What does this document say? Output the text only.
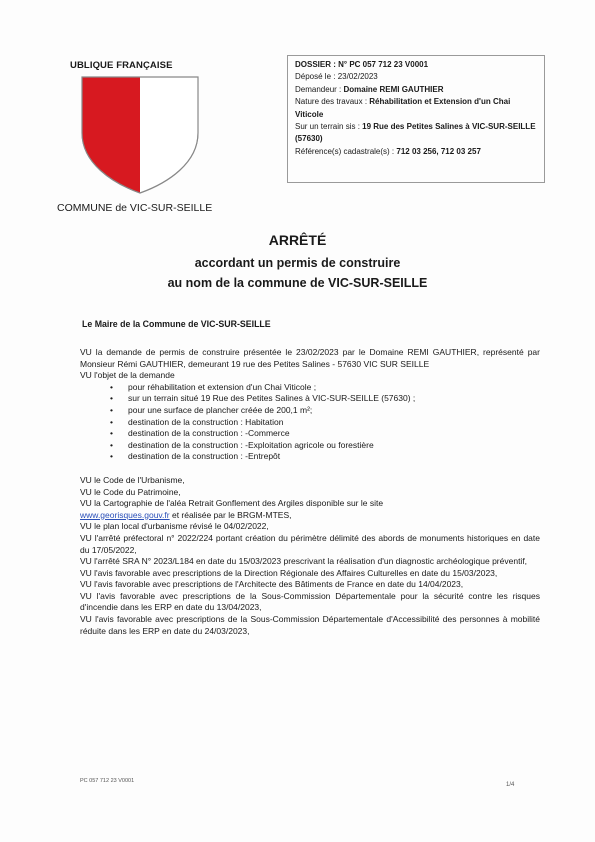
UBLIQUE FRANÇAISE
COMMUNE de VIC-SUR-SEILLE
DOSSIER : N° PC 057 712 23 V0001
Déposé le : 23/02/2023
Demandeur : Domaine REMI GAUTHIER
Nature des travaux : Réhabilitation et Extension d'un Chai Viticole
Sur un terrain sis : 19 Rue des Petites Salines à VIC-SUR-SEILLE (57630)
Référence(s) cadastrale(s) : 712 03 256, 712 03 257
ARRÊTÉ
accordant un permis de construire
au nom de la commune de VIC-SUR-SEILLE
Le Maire de la Commune de VIC-SUR-SEILLE

VU la demande de permis de construire présentée le 23/02/2023 par le Domaine REMI GAUTHIER, représenté par Monsieur Rémi GAUTHIER, demeurant 19 rue des Petites Salines - 57630 VIC SUR SEILLE

VU l'objet de la demande

• pour réhabilitation et extension d'un Chai Viticole ;
• sur un terrain situé 19 Rue des Petites Salines à VIC-SUR-SEILLE (57630) ;
• pour une surface de plancher créée de 200,1 m²;
• destination de la construction : Habitation
• destination de la construction : -Commerce
• destination de la construction : -Exploitation agricole ou forestière
• destination de la construction : -Entrepôt

VU le Code de l'Urbanisme,

VU le Code du Patrimoine,

VU la Cartographie de l'aléa Retrait Gonflement des Argiles disponible sur le site

www.georisques.gouv.fr et réalisée par le BRGM-MTES,

VU le plan local d'urbanisme révisé le 04/02/2022,

VU l'arrêté préfectoral n° 2022/224 portant création du périmètre délimité des abords de monuments historiques en date du 17/05/2022,

VU l'arrêté SRA N° 2023/L184 en date du 15/03/2023 prescrivant la réalisation d'un diagnostic archéologique préventif,

VU l'avis favorable avec prescriptions de la Direction Régionale des Affaires Culturelles en date du 15/03/2023,

VU l'avis favorable avec prescriptions de l'Architecte des Bâtiments de France en date du 14/04/2023,

VU l'avis favorable avec prescriptions de la Sous-Commission Départementale pour la sécurité contre les risques d'incendie dans les ERP en date du 13/04/2023,

VU l'avis favorable avec prescriptions de la Sous-Commission Départementale d'Accessibilité des personnes à mobilité réduite dans les ERP en date du 24/03/2023,

PC 057 712 23 V0001
1/4
